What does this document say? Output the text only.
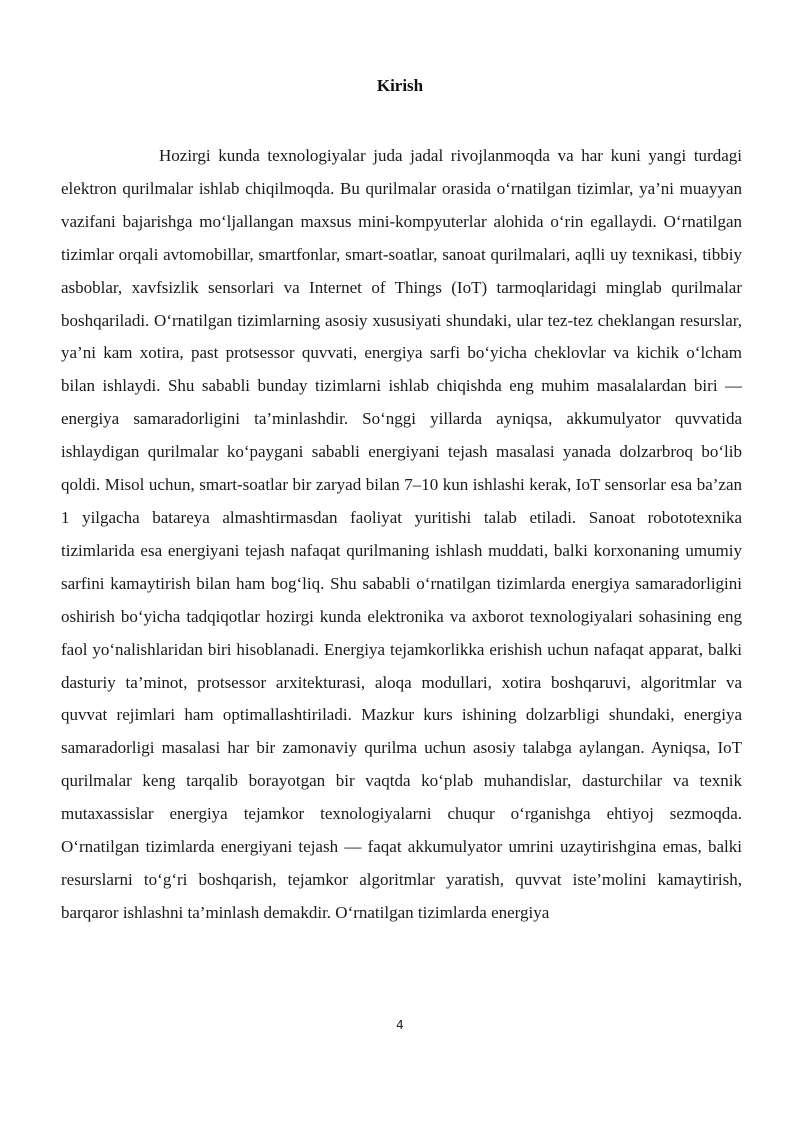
Kirish

Hozirgi kunda texnologiyalar juda jadal rivojlanmoqda va har kuni yangi turdagi elektron qurilmalar ishlab chiqilmoqda. Bu qurilmalar orasida o‘rnatilgan tizimlar, ya’ni muayyan vazifani bajarishga mo‘ljallangan maxsus mini-kompyuterlar alohida o‘rin egallaydi. O‘rnatilgan tizimlar orqali avtomobillar, smartfonlar, smart-soatlar, sanoat qurilmalari, aqlli uy texnikasi, tibbiy asboblar, xavfsizlik sensorlari va Internet of Things (IoT) tarmoqlaridagi minglab qurilmalar boshqariladi. O‘rnatilgan tizimlarning asosiy xususiyati shundaki, ular tez-tez cheklangan resurslar, ya’ni kam xotira, past protsessor quvvati, energiya sarfi bo‘yicha cheklovlar va kichik o‘lcham bilan ishlaydi. Shu sababli bunday tizimlarni ishlab chiqishda eng muhim masalalardan biri — energiya samaradorligini ta’minlashdir. So‘nggi yillarda ayniqsa, akkumulyator quvvatida ishlaydigan qurilmalar ko‘paygani sababli energiyani tejash masalasi yanada dolzarbroq bo‘lib qoldi. Misol uchun, smart-soatlar bir zaryad bilan 7–10 kun ishlashi kerak, IoT sensorlar esa ba’zan 1 yilgacha batareya almashtirmasdan faoliyat yuritishi talab etiladi. Sanoat robototexnika tizimlarida esa energiyani tejash nafaqat qurilmaning ishlash muddati, balki korxonaning umumiy sarfini kamaytirish bilan ham bog‘liq. Shu sababli o‘rnatilgan tizimlarda energiya samaradorligini oshirish bo‘yicha tadqiqotlar hozirgi kunda elektronika va axborot texnologiyalari sohasining eng faol yo‘nalishlaridan biri hisoblanadi. Energiya tejamkorlikka erishish uchun nafaqat apparat, balki dasturiy ta’minot, protsessor arxitekturasi, aloqa modullari, xotira boshqaruvi, algoritmlar va quvvat rejimlari ham optimallashtiriladi. Mazkur kurs ishining dolzarbligi shundaki, energiya samaradorligi masalasi har bir zamonaviy qurilma uchun asosiy talabga aylangan. Ayniqsa, IoT qurilmalar keng tarqalib borayotgan bir vaqtda ko‘plab muhandislar, dasturchilar va texnik mutaxassislar energiya tejamkor texnologiyalarni chuqur o‘rganishga ehtiyoj sezmoqda. O‘rnatilgan tizimlarda energiyani tejash — faqat akkumulyator umrini uzaytirishgina emas, balki resurslarni to‘g‘ri boshqarish, tejamkor algoritmlar yaratish, quvvat iste’molini kamaytirish, barqaror ishlashni ta’minlash demakdir. O‘rnatilgan tizimlarda energiya

4
